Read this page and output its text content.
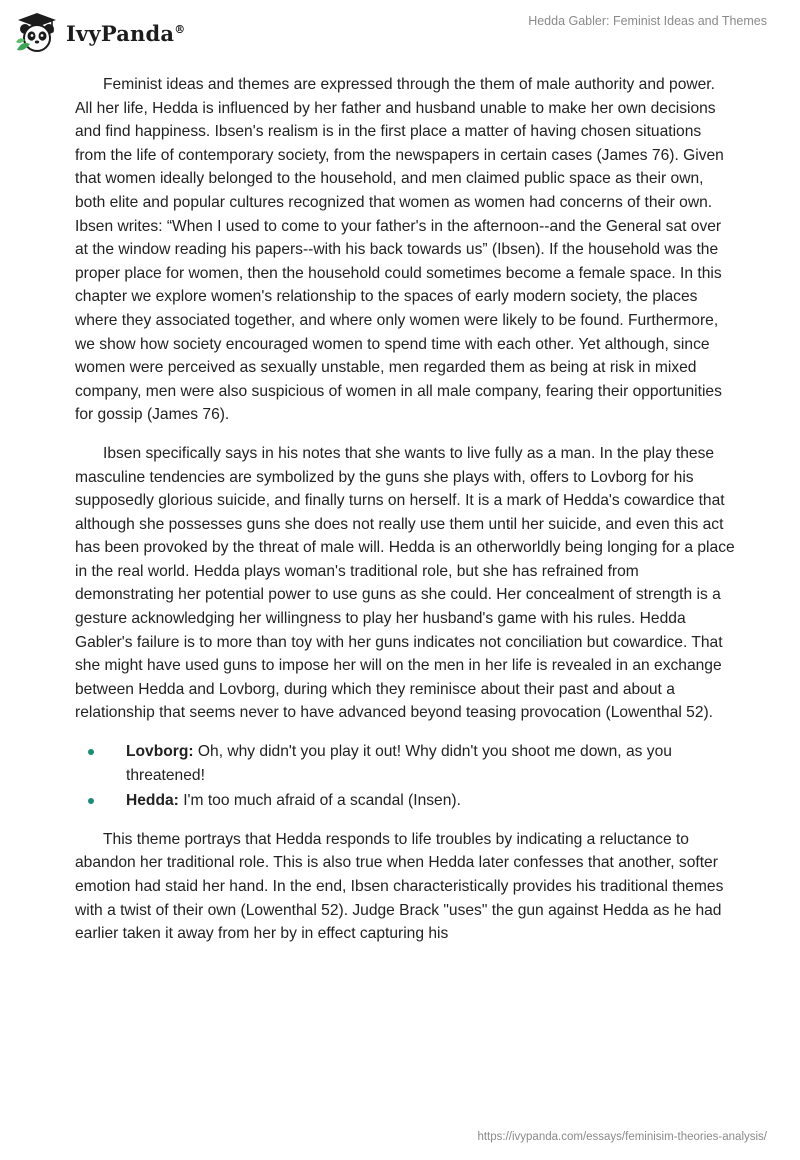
IvyPanda®
Hedda Gabler: Feminist Ideas and Themes

Feminist ideas and themes are expressed through the them of male authority and power. All her life, Hedda is influenced by her father and husband unable to make her own decisions and find happiness. Ibsen's realism is in the first place a matter of having chosen situations from the life of contemporary society, from the newspapers in certain cases (James 76). Given that women ideally belonged to the household, and men claimed public space as their own, both elite and popular cultures recognized that women as women had concerns of their own. Ibsen writes: “When I used to come to your father's in the afternoon--and the General sat over at the window reading his papers--with his back towards us” (Ibsen). If the household was the proper place for women, then the household could sometimes become a female space. In this chapter we explore women's relationship to the spaces of early modern society, the places where they associated together, and where only women were likely to be found. Furthermore, we show how society encouraged women to spend time with each other. Yet although, since women were perceived as sexually unstable, men regarded them as being at risk in mixed company, men were also suspicious of women in all male company, fearing their opportunities for gossip (James 76).

Ibsen specifically says in his notes that she wants to live fully as a man. In the play these masculine tendencies are symbolized by the guns she plays with, offers to Lovborg for his supposedly glorious suicide, and finally turns on herself. It is a mark of Hedda's cowardice that although she possesses guns she does not really use them until her suicide, and even this act has been provoked by the threat of male will. Hedda is an otherworldly being longing for a place in the real world. Hedda plays woman's traditional role, but she has refrained from demonstrating her potential power to use guns as she could. Her concealment of strength is a gesture acknowledging her willingness to play her husband's game with his rules. Hedda Gabler's failure is to more than toy with her guns indicates not conciliation but cowardice. That she might have used guns to impose her will on the men in her life is revealed in an exchange between Hedda and Lovborg, during which they reminisce about their past and about a relationship that seems never to have advanced beyond teasing provocation (Lowenthal 52).

Lovborg: Oh, why didn't you play it out! Why didn't you shoot me down, as you threatened!
Hedda: I'm too much afraid of a scandal (Insen).

This theme portrays that Hedda responds to life troubles by indicating a reluctance to abandon her traditional role. This is also true when Hedda later confesses that another, softer emotion had staid her hand. In the end, Ibsen characteristically provides his traditional themes with a twist of their own (Lowenthal 52). Judge Brack "uses" the gun against Hedda as he had earlier taken it away from her by in effect capturing his

https://ivypanda.com/essays/feminisim-theories-analysis/
